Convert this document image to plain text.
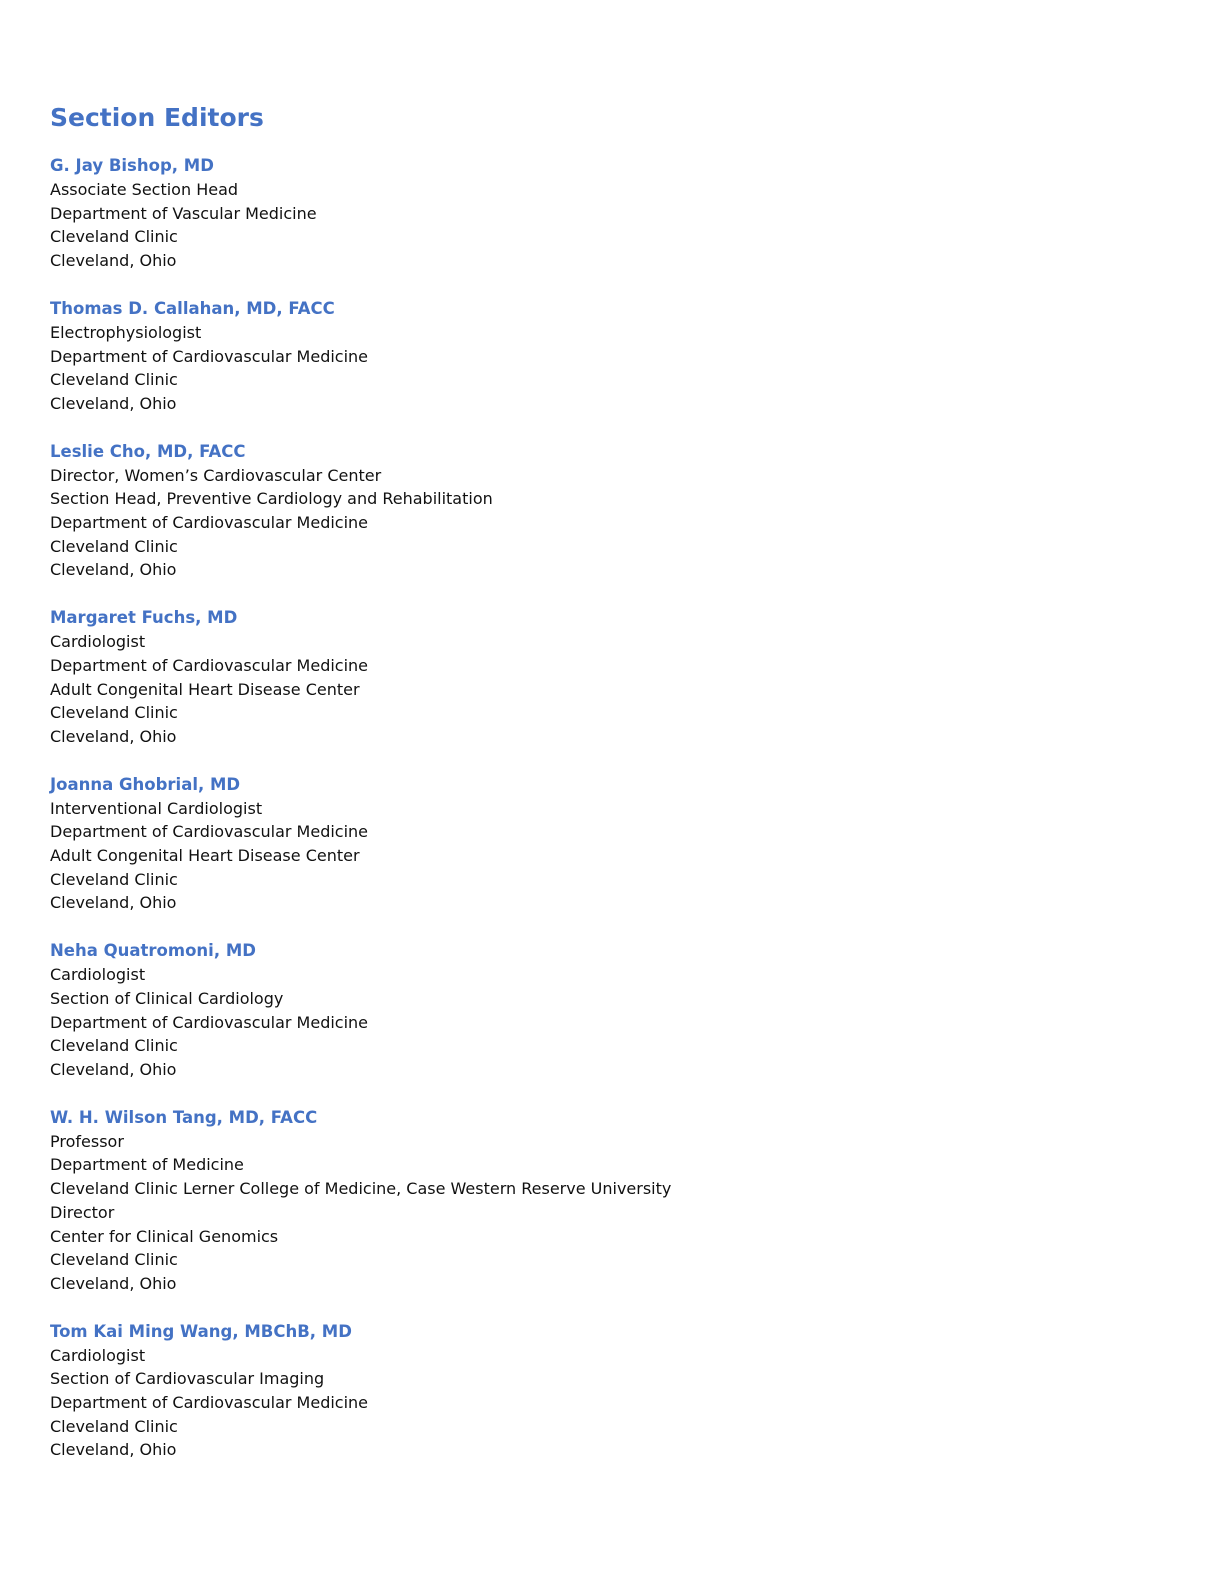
Section Editors
G. Jay Bishop, MD
Associate Section Head
Department of Vascular Medicine
Cleveland Clinic
Cleveland, Ohio
Thomas D. Callahan, MD, FACC
Electrophysiologist
Department of Cardiovascular Medicine
Cleveland Clinic
Cleveland, Ohio
Leslie Cho, MD, FACC
Director, Women’s Cardiovascular Center
Section Head, Preventive Cardiology and Rehabilitation
Department of Cardiovascular Medicine
Cleveland Clinic
Cleveland, Ohio
Margaret Fuchs, MD
Cardiologist
Department of Cardiovascular Medicine
Adult Congenital Heart Disease Center
Cleveland Clinic
Cleveland, Ohio
Joanna Ghobrial, MD
Interventional Cardiologist
Department of Cardiovascular Medicine
Adult Congenital Heart Disease Center
Cleveland Clinic
Cleveland, Ohio
Neha Quatromoni, MD
Cardiologist
Section of Clinical Cardiology
Department of Cardiovascular Medicine
Cleveland Clinic
Cleveland, Ohio
W. H. Wilson Tang, MD, FACC
Professor
Department of Medicine
Cleveland Clinic Lerner College of Medicine, Case Western Reserve University
Director
Center for Clinical Genomics
Cleveland Clinic
Cleveland, Ohio
Tom Kai Ming Wang, MBChB, MD
Cardiologist
Section of Cardiovascular Imaging
Department of Cardiovascular Medicine
Cleveland Clinic
Cleveland, Ohio
